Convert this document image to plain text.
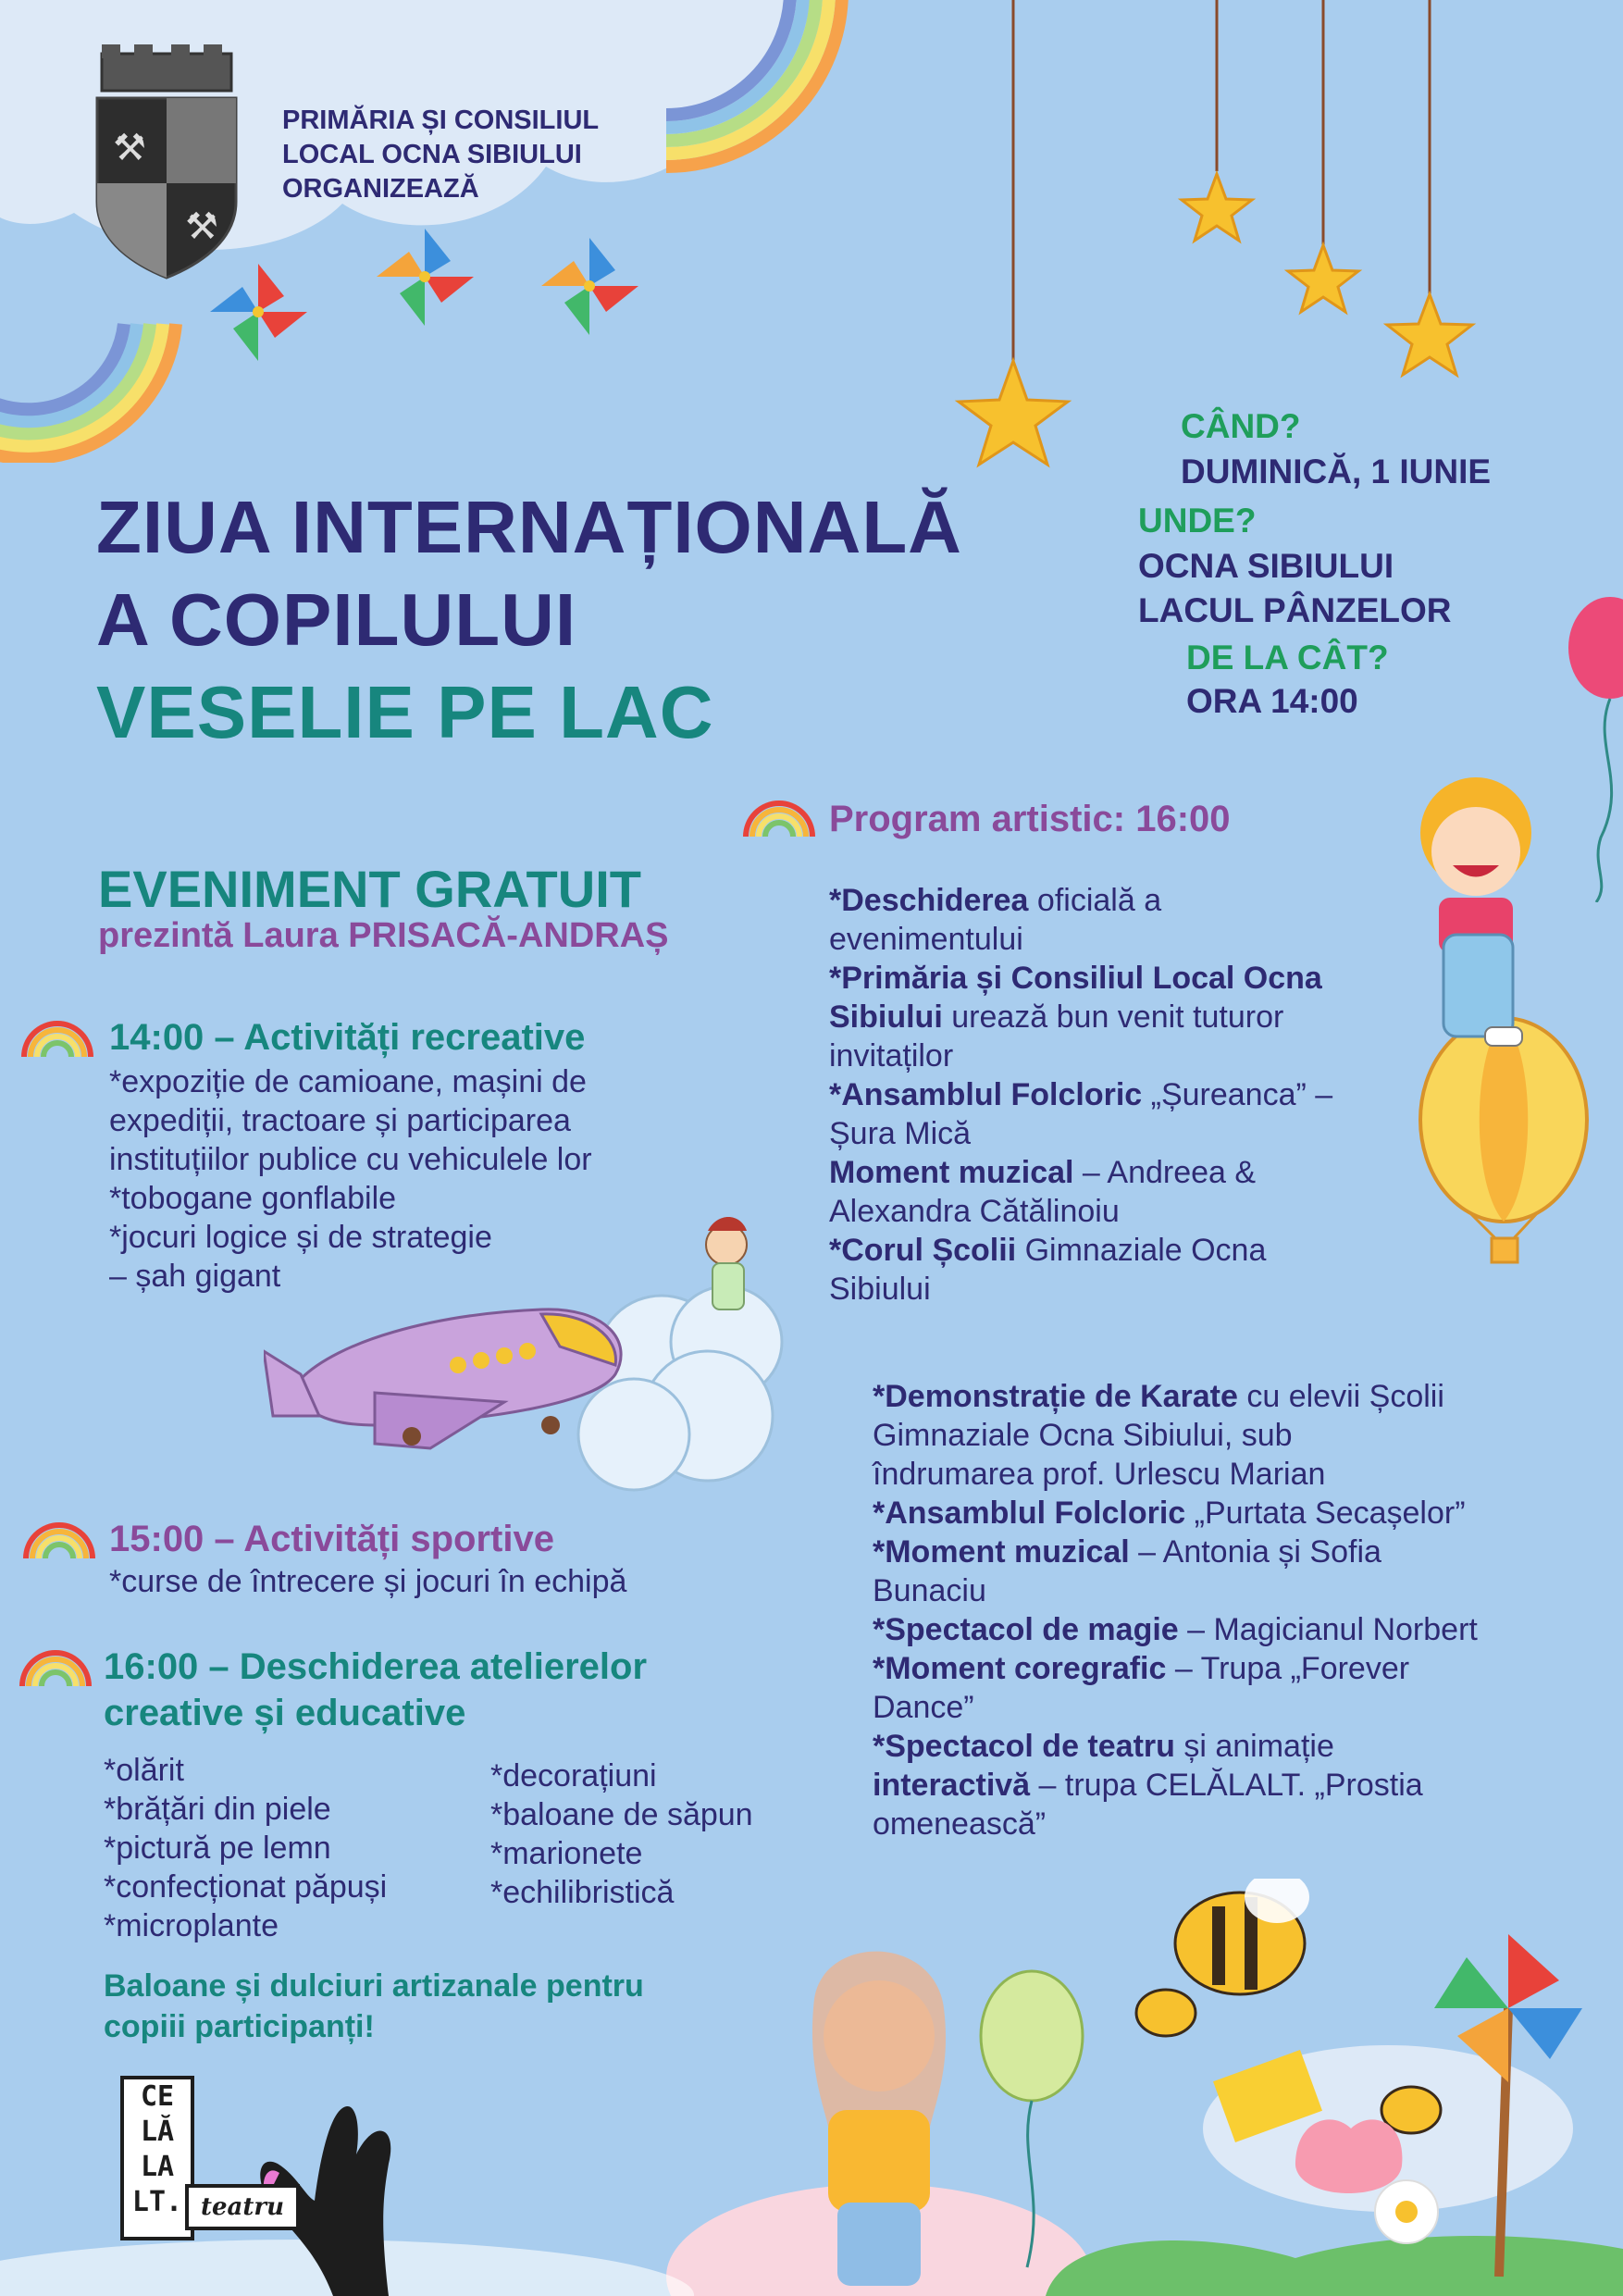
⚒
⚒
PRIMĂRIA ȘI CONSILIUL
LOCAL OCNA SIBIULUI
ORGANIZEAZĂ
CÂND?
DUMINICĂ, 1 IUNIE
UNDE?
OCNA SIBIULUI
LACUL PÂNZELOR
DE LA CÂT?
ORA 14:00
ZIUA INTERNAȚIONALĂ
A COPILULUI
VESELIE PE LAC
EVENIMENT GRATUIT
prezintă Laura PRISACĂ-ANDRAȘ
14:00 – Activități recreative

*expoziție de camioane, mașini de

expediții, tractoare și participarea

instituțiilor publice cu vehiculele lor

*tobogane gonflabile

*jocuri logice și de strategie

– șah gigant

15:00 – Activități sportive
*curse de întrecere și jocuri în echipă
16:00 – Deschiderea atelierelor
creative și educative
*olărit
*brățări din piele
*pictură pe lemn
*confecționat păpuși
*microplante
*decorațiuni
*baloane de săpun
*marionete
*echilibristică
Baloane și dulciuri artizanale pentru
copiii participanți!
Program artistic: 16:00

*Deschiderea oficială a

evenimentului

*Primăria și Consiliul Local Ocna

Sibiului urează bun venit tuturor

invitaților

*Ansamblul Folcloric „Șureanca” –

Șura Mică

Moment muzical – Andreea &

Alexandra Cătălinoiu

*Corul Școlii Gimnaziale Ocna

Sibiului

*Demonstrație de Karate cu elevii Școlii

Gimnaziale Ocna Sibiului, sub

îndrumarea prof. Urlescu Marian

*Ansamblul Folcloric „Purtata Secașelor”

*Moment muzical – Antonia și Sofia

Bunaciu

*Spectacol de magie – Magicianul Norbert

*Moment coregrafic – Trupa „Forever

Dance”

*Spectacol de teatru și animație

interactivă – trupa CELĂLALT. „Prostia

omenească”

CE
LĂ
LA
LT. teatru
